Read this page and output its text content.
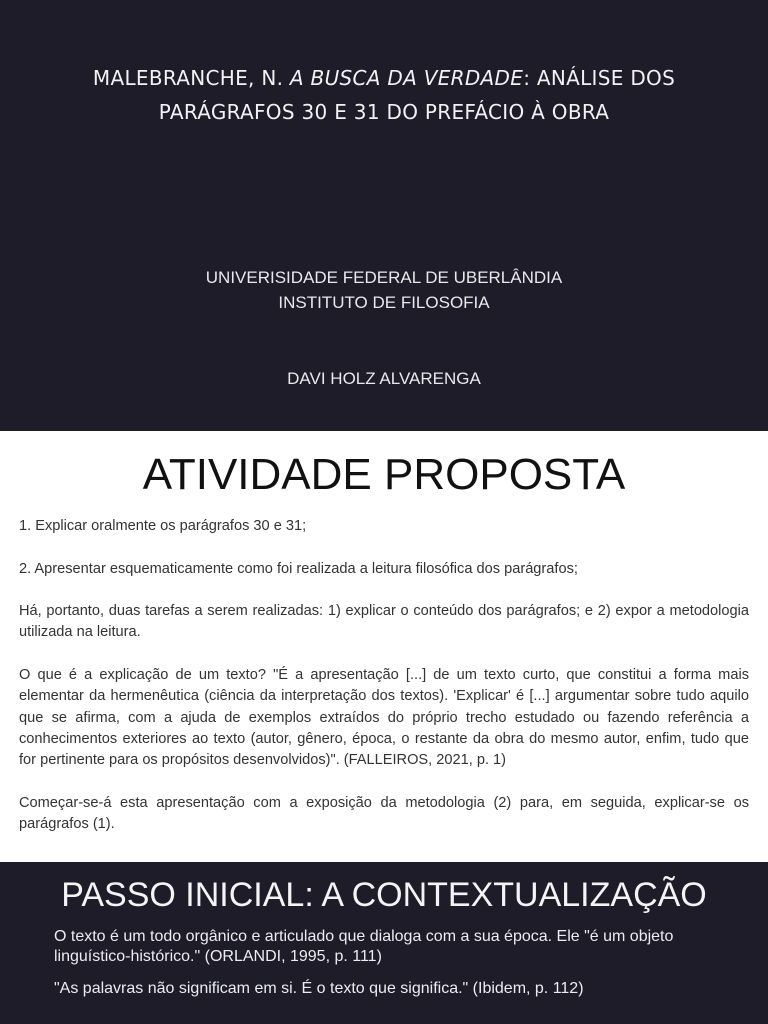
MALEBRANCHE, N. A BUSCA DA VERDADE: ANÁLISE DOS PARÁGRAFOS 30 E 31 DO PREFÁCIO À OBRA
UNIVERISIDADE FEDERAL DE UBERLÂNDIA
INSTITUTO DE FILOSOFIA
DAVI HOLZ ALVARENGA
ATIVIDADE PROPOSTA

1. Explicar oralmente os parágrafos 30 e 31;

2. Apresentar esquematicamente como foi realizada a leitura filosófica dos parágrafos;

Há, portanto, duas tarefas a serem realizadas: 1) explicar o conteúdo dos parágrafos; e 2) expor a metodologia utilizada na leitura.

O que é a explicação de um texto? "É a apresentação [...] de um texto curto, que constitui a forma mais elementar da hermenêutica (ciência da interpretação dos textos). 'Explicar' é [...] argumentar sobre tudo aquilo que se afirma, com a ajuda de exemplos extraídos do próprio trecho estudado ou fazendo referência a conhecimentos exteriores ao texto (autor, gênero, época, o restante da obra do mesmo autor, enfim, tudo que for pertinente para os propósitos desenvolvidos)". (FALLEIROS, 2021, p. 1)

Começar-se-á esta apresentação com a exposição da metodologia (2) para, em seguida, explicar-se os parágrafos (1).

PASSO INICIAL: A CONTEXTUALIZAÇÃO

O texto é um todo orgânico e articulado que dialoga com a sua época. Ele "é um objeto linguístico-histórico." (ORLANDI, 1995, p. 111)

"As palavras não significam em si. É o texto que significa." (Ibidem, p. 112)
